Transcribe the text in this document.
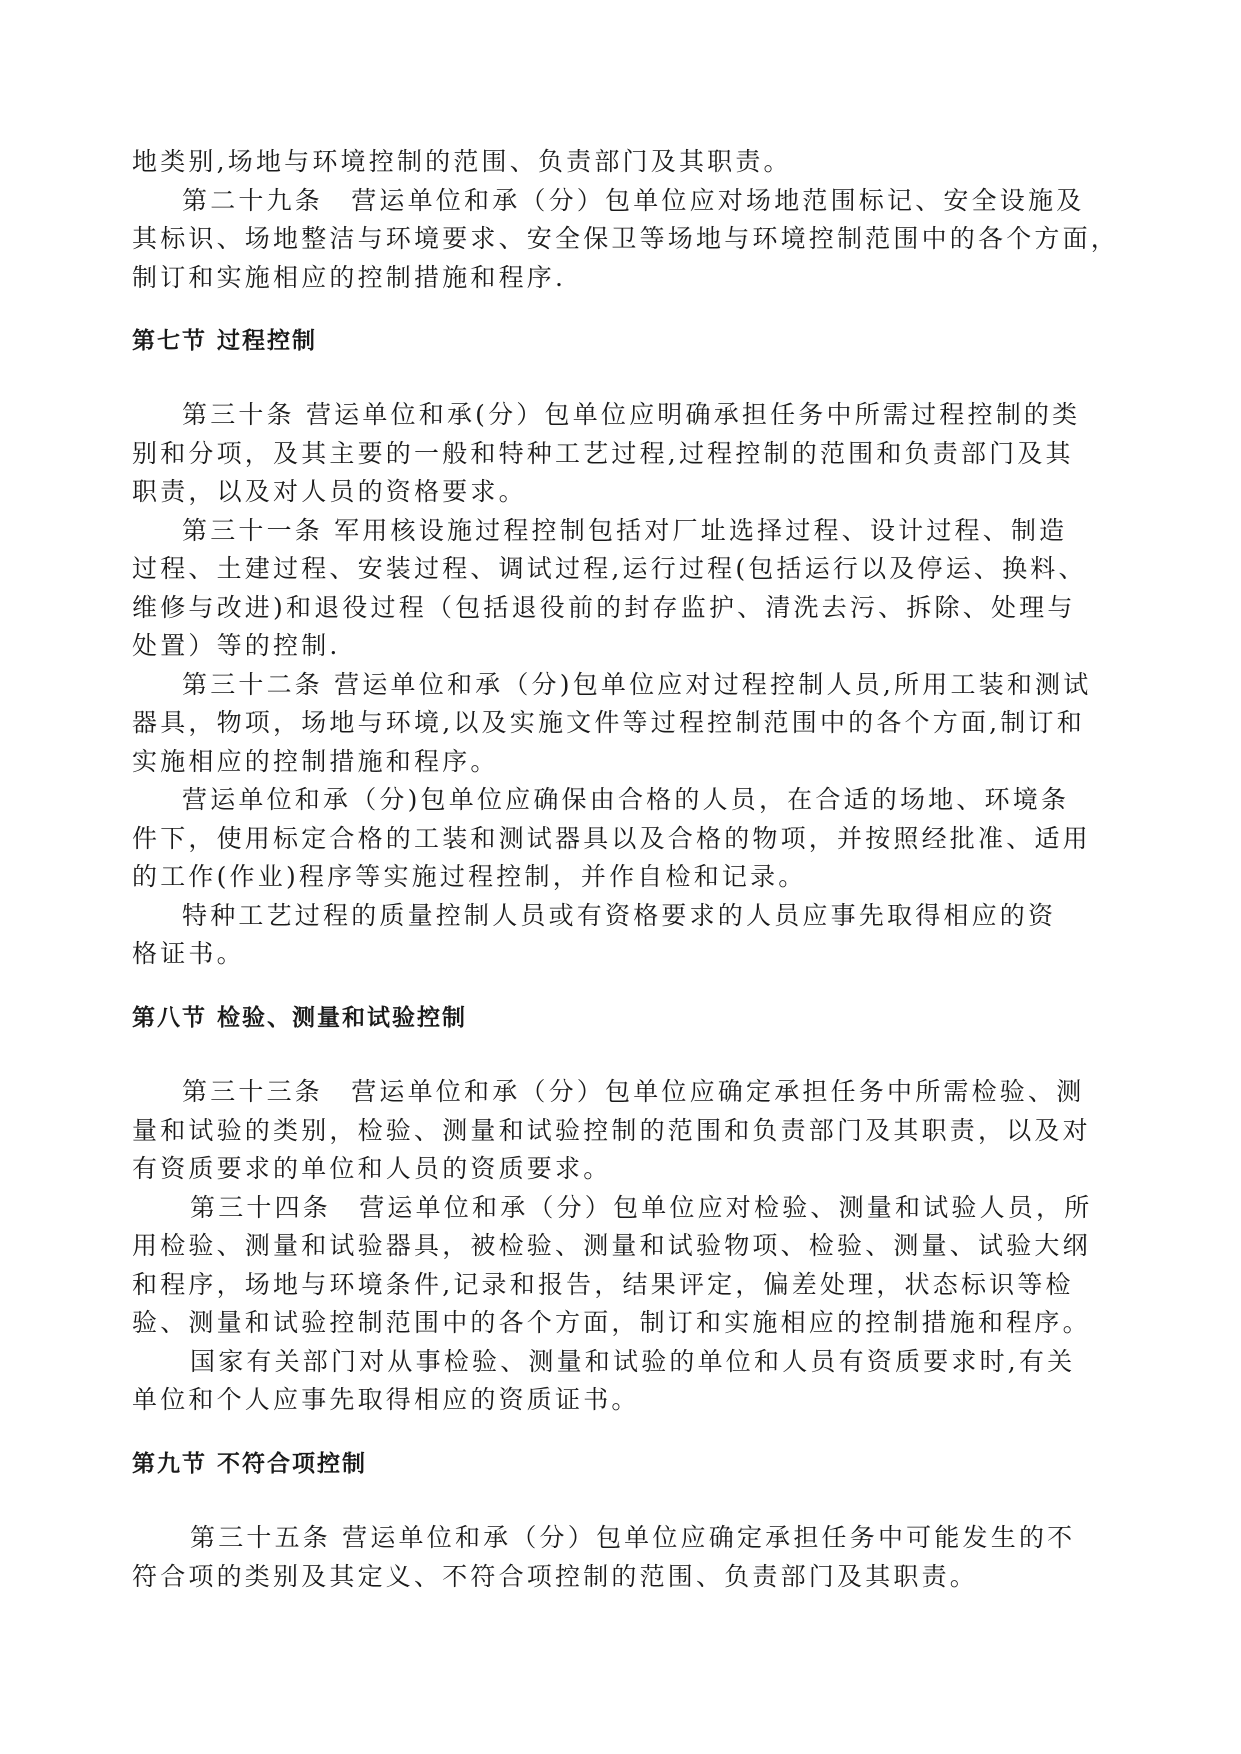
地类别,场地与环境控制的范围、负责部门及其职责。
第二十九条　营运单位和承（分）包单位应对场地范围标记、安全设施及
其标识、场地整洁与环境要求、安全保卫等场地与环境控制范围中的各个方面，
制订和实施相应的控制措施和程序.
第七节 过程控制
第三十条 营运单位和承(分）包单位应明确承担任务中所需过程控制的类
别和分项，及其主要的一般和特种工艺过程,过程控制的范围和负责部门及其
职责，以及对人员的资格要求。
第三十一条 军用核设施过程控制包括对厂址选择过程、设计过程、制造
过程、土建过程、安装过程、调试过程,运行过程(包括运行以及停运、换料、
维修与改进)和退役过程（包括退役前的封存监护、清洗去污、拆除、处理与
处置）等的控制.
第三十二条 营运单位和承（分)包单位应对过程控制人员,所用工装和测试
器具，物项，场地与环境,以及实施文件等过程控制范围中的各个方面,制订和
实施相应的控制措施和程序。
营运单位和承（分)包单位应确保由合格的人员，在合适的场地、环境条
件下，使用标定合格的工装和测试器具以及合格的物项，并按照经批准、适用
的工作(作业)程序等实施过程控制，并作自检和记录。
特种工艺过程的质量控制人员或有资格要求的人员应事先取得相应的资
格证书。
第八节 检验、测量和试验控制
第三十三条　营运单位和承（分）包单位应确定承担任务中所需检验、测
量和试验的类别，检验、测量和试验控制的范围和负责部门及其职责，以及对
有资质要求的单位和人员的资质要求。
第三十四条　营运单位和承（分）包单位应对检验、测量和试验人员，所
用检验、测量和试验器具，被检验、测量和试验物项、检验、测量、试验大纲
和程序，场地与环境条件,记录和报告，结果评定，偏差处理，状态标识等检
验、测量和试验控制范围中的各个方面，制订和实施相应的控制措施和程序。
国家有关部门对从事检验、测量和试验的单位和人员有资质要求时,有关
单位和个人应事先取得相应的资质证书。
第九节 不符合项控制
第三十五条 营运单位和承（分）包单位应确定承担任务中可能发生的不
符合项的类别及其定义、不符合项控制的范围、负责部门及其职责。
